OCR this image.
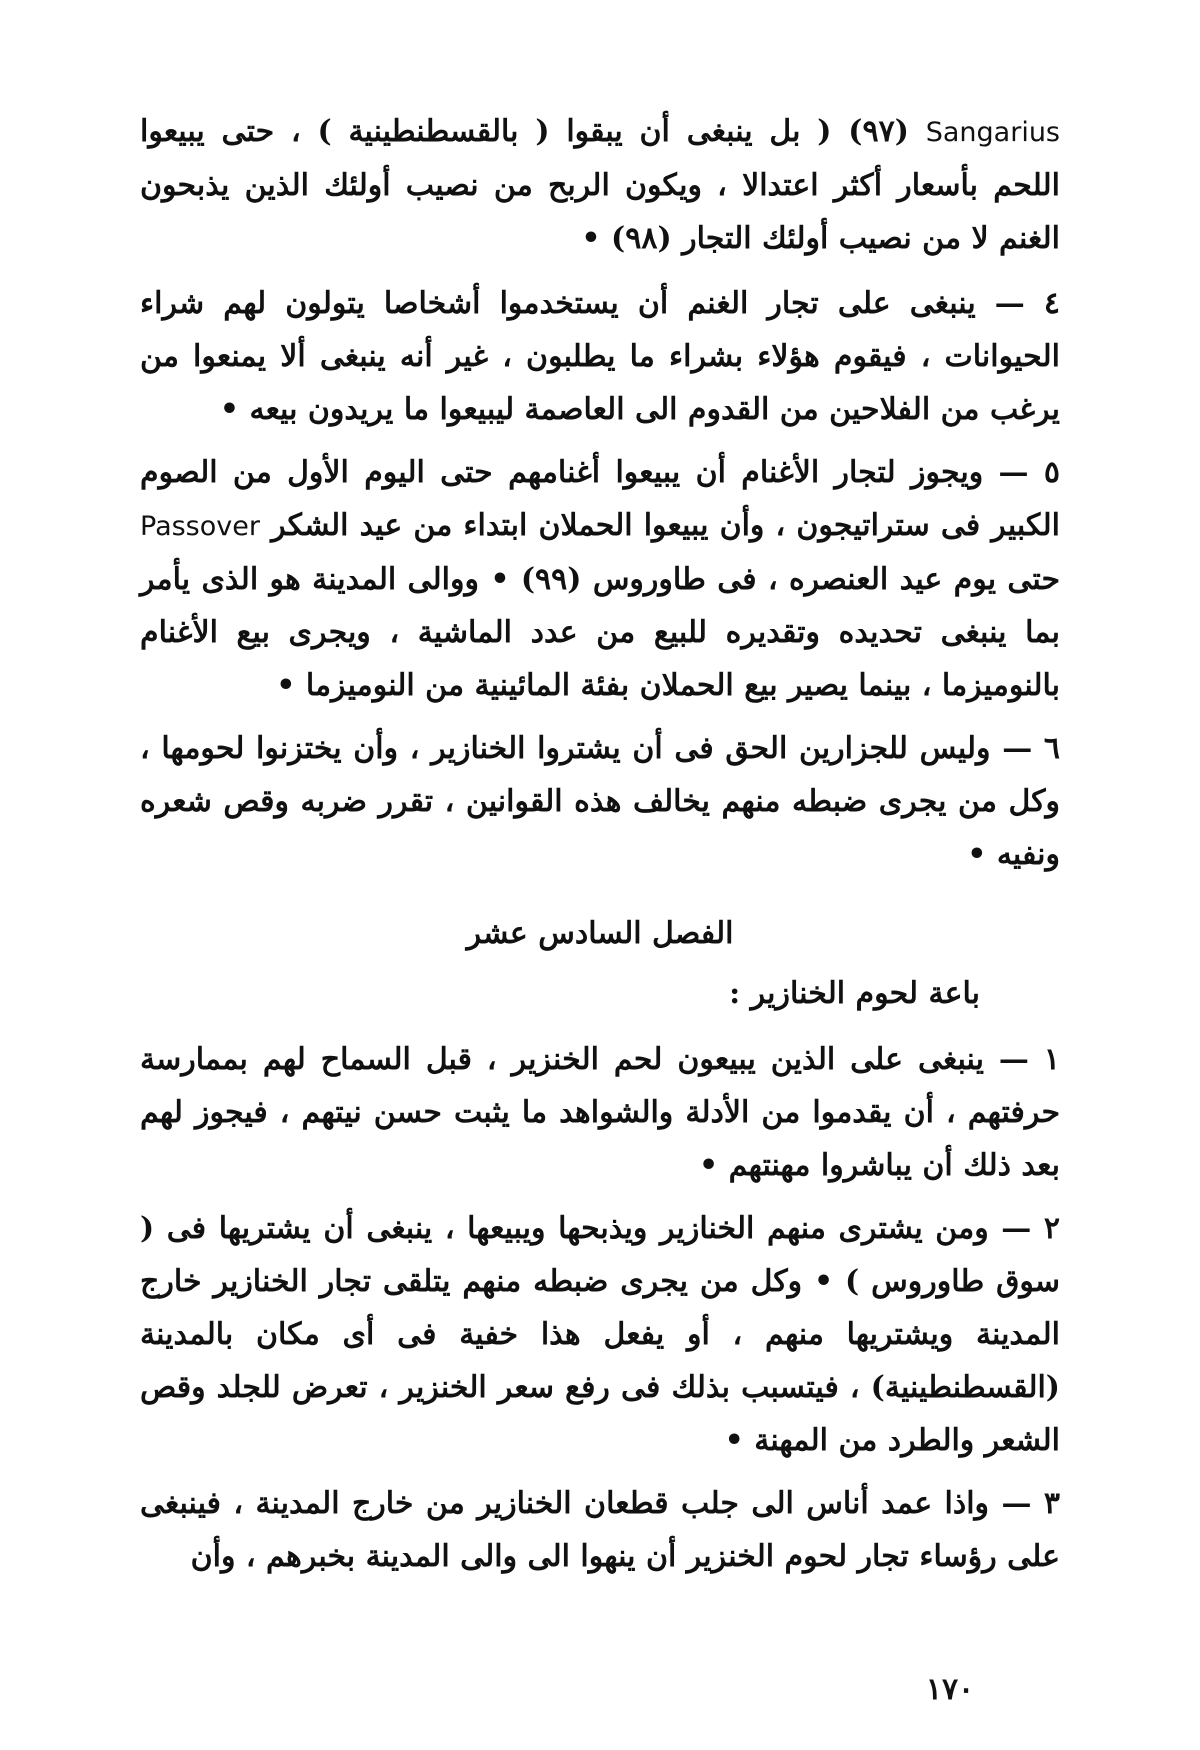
Sangarius (٩٧) ( بل ينبغى أن يبقوا ( بالقسطنطينية ) ، حتى يبيعوا اللحم بأسعار أكثر اعتدالا ، ويكون الربح من نصيب أولئك الذين يذبحون الغنم لا من نصيب أولئك التجار (٩٨) •

٤ — ينبغى على تجار الغنم أن يستخدموا أشخاصا يتولون لهم شراء الحيوانات ، فيقوم هؤلاء بشراء ما يطلبون ، غير أنه ينبغى ألا يمنعوا من يرغب من الفلاحين من القدوم الى العاصمة ليبيعوا ما يريدون بيعه •

٥ — ويجوز لتجار الأغنام أن يبيعوا أغنامهم حتى اليوم الأول من الصوم الكبير فى ستراتيجون ، وأن يبيعوا الحملان ابتداء من عيد الشكر Passover حتى يوم عيد العنصره ، فى طاوروس (٩٩) • ووالى المدينة هو الذى يأمر بما ينبغى تحديده وتقديره للبيع من عدد الماشية ، ويجرى بيع الأغنام بالنوميزما ، بينما يصير بيع الحملان بفئة المائينية من النوميزما •

٦ — وليس للجزارين الحق فى أن يشتروا الخنازير ، وأن يختزنوا لحومها ، وكل من يجرى ضبطه منهم يخالف هذه القوانين ، تقرر ضربه وقص شعره ونفيه •

الفصل السادس عشر
باعة لحوم الخنازير :

١ — ينبغى على الذين يبيعون لحم الخنزير ، قبل السماح لهم بممارسة حرفتهم ، أن يقدموا من الأدلة والشواهد ما يثبت حسن نيتهم ، فيجوز لهم بعد ذلك أن يباشروا مهنتهم •

٢ — ومن يشترى منهم الخنازير ويذبحها ويبيعها ، ينبغى أن يشتريها فى ( سوق طاوروس ) • وكل من يجرى ضبطه منهم يتلقى تجار الخنازير خارج المدينة ويشتريها منهم ، أو يفعل هذا خفية فى أى مكان بالمدينة (القسطنطينية) ، فيتسبب بذلك فى رفع سعر الخنزير ، تعرض للجلد وقص الشعر والطرد من المهنة •

٣ — واذا عمد أناس الى جلب قطعان الخنازير من خارج المدينة ، فينبغى على رؤساء تجار لحوم الخنزير أن ينهوا الى والى المدينة بخبرهم ، وأن

١٧٠
